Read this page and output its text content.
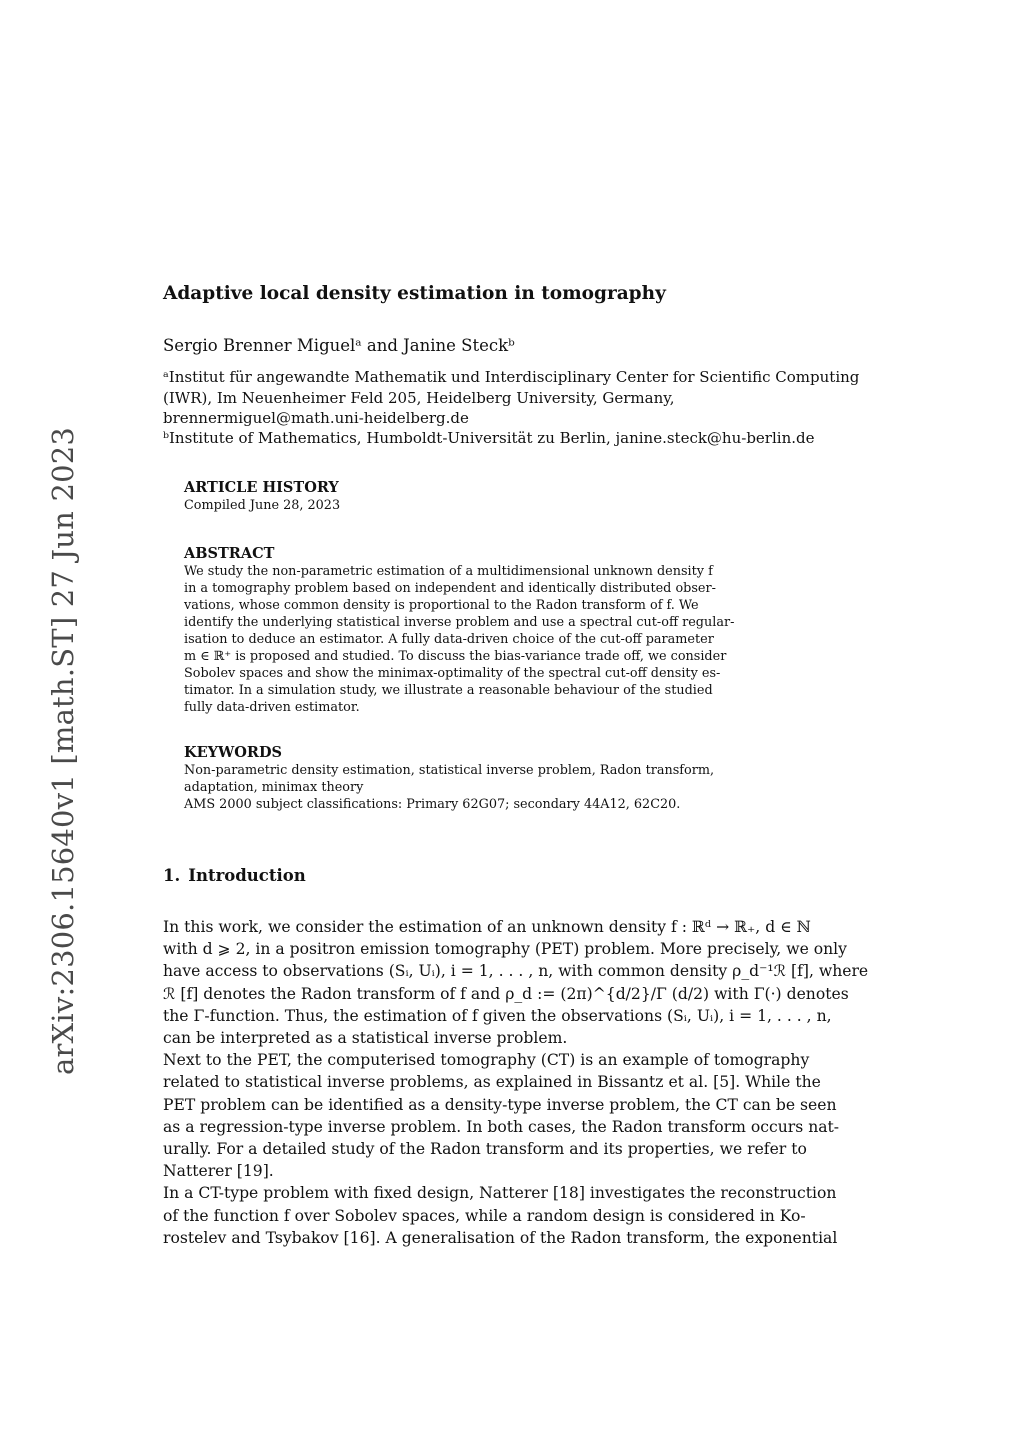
arXiv:2306.15640v1 [math.ST] 27 Jun 2023
Adaptive local density estimation in tomography
Sergio Brenner Miguelᵃ and Janine Steckᵇ
ᵃInstitut für angewandte Mathematik und Interdisciplinary Center for Scientific Computing
(IWR), Im Neuenheimer Feld 205, Heidelberg University, Germany,
brennermiguel@math.uni-heidelberg.de
ᵇInstitute of Mathematics, Humboldt-Universität zu Berlin, janine.steck@hu-berlin.de
ARTICLE HISTORY
Compiled June 28, 2023
ABSTRACT
We study the non-parametric estimation of a multidimensional unknown density f
in a tomography problem based on independent and identically distributed obser-
vations, whose common density is proportional to the Radon transform of f. We
identify the underlying statistical inverse problem and use a spectral cut-off regular-
isation to deduce an estimator. A fully data-driven choice of the cut-off parameter
m ∈ ℝ⁺ is proposed and studied. To discuss the bias-variance trade off, we consider
Sobolev spaces and show the minimax-optimality of the spectral cut-off density es-
timator. In a simulation study, we illustrate a reasonable behaviour of the studied
fully data-driven estimator.
KEYWORDS
Non-parametric density estimation, statistical inverse problem, Radon transform,
adaptation, minimax theory
AMS 2000 subject classifications: Primary 62G07; secondary 44A12, 62C20.
1. Introduction
In this work, we consider the estimation of an unknown density f : ℝᵈ → ℝ₊, d ∈ ℕ
with d ⩾ 2, in a positron emission tomography (PET) problem. More precisely, we only
have access to observations (Sᵢ, Uᵢ), i = 1, . . . , n, with common density ρ_d⁻¹ℛ [f], where
ℛ [f] denotes the Radon transform of f and ρ_d := (2π)^{d/2}/Γ (d/2) with Γ(·) denotes
the Γ-function. Thus, the estimation of f given the observations (Sᵢ, Uᵢ), i = 1, . . . , n,
can be interpreted as a statistical inverse problem.
Next to the PET, the computerised tomography (CT) is an example of tomography
related to statistical inverse problems, as explained in Bissantz et al. [5]. While the
PET problem can be identified as a density-type inverse problem, the CT can be seen
as a regression-type inverse problem. In both cases, the Radon transform occurs nat-
urally. For a detailed study of the Radon transform and its properties, we refer to
Natterer [19].
In a CT-type problem with fixed design, Natterer [18] investigates the reconstruction
of the function f over Sobolev spaces, while a random design is considered in Ko-
rostelev and Tsybakov [16]. A generalisation of the Radon transform, the exponential
